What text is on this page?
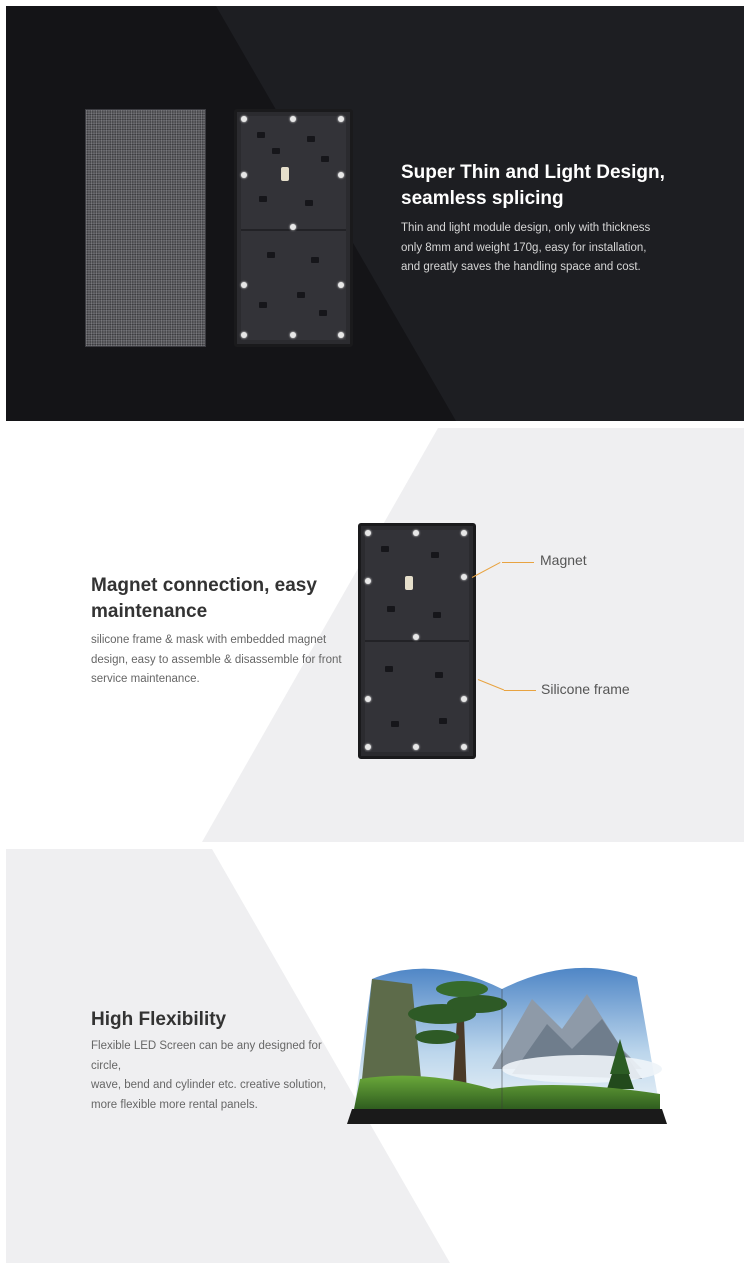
Super Thin and Light Design,
seamless splicing

Thin and light module design, only with thickness
only 8mm and weight 170g, easy for installation,
and greatly saves the handling space and cost.

Magnet connection, easy
maintenance

silicone frame & mask with embedded magnet
design, easy to assemble & disassemble for front
service maintenance.

Magnet
Silicone frame
High Flexibility

Flexible LED Screen can be any designed for circle,
wave, bend and cylinder etc. creative solution,
more flexible more rental panels.
